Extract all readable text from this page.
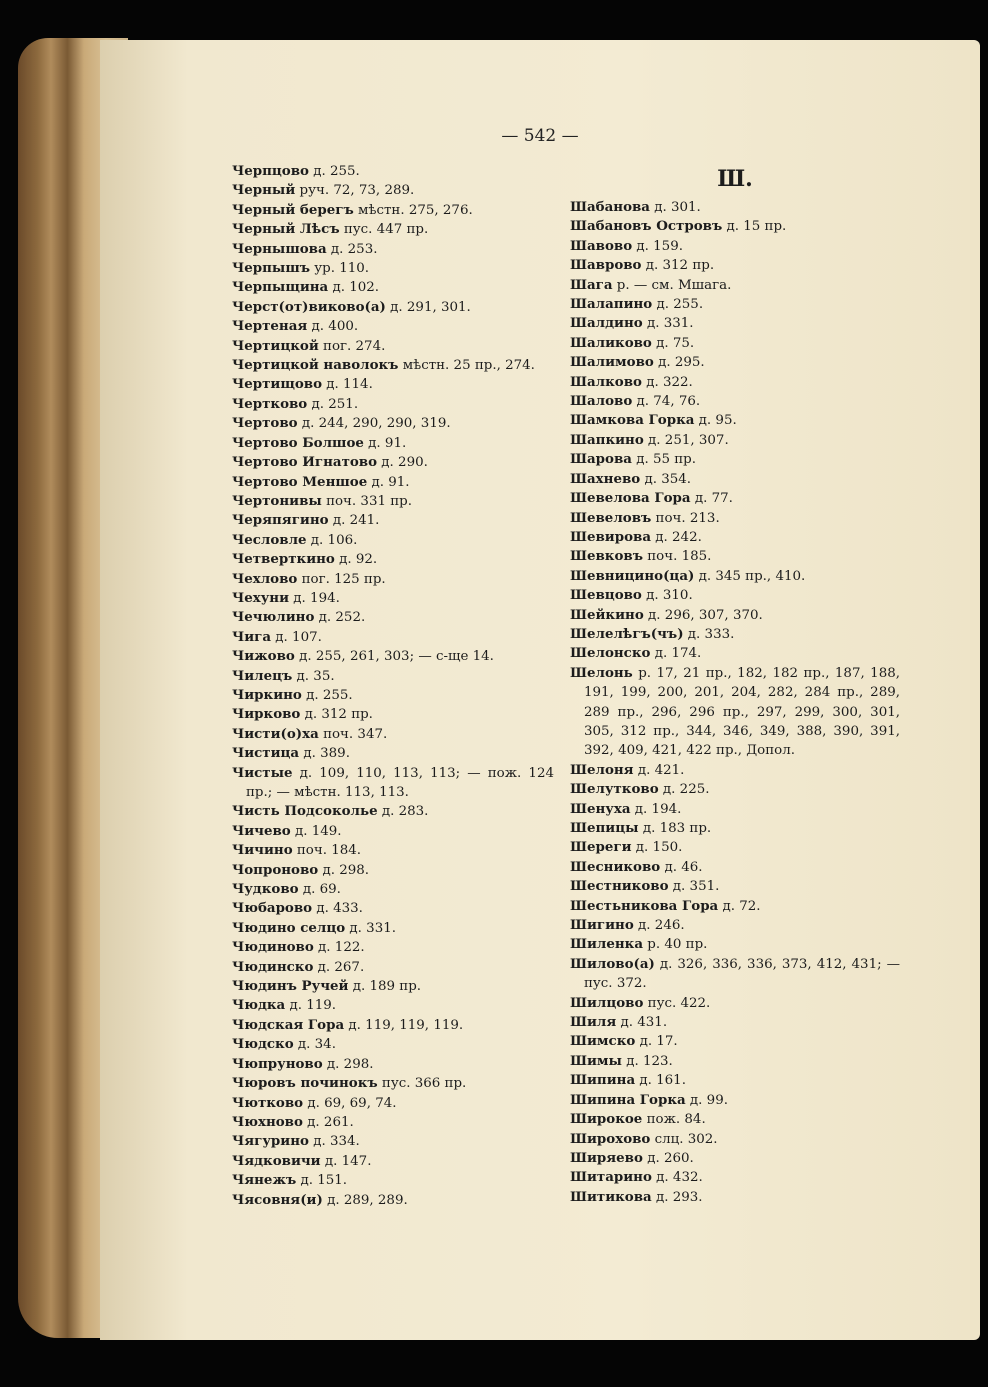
— 542 —

Черпцово д. 255.

Черный руч. 72, 73, 289.

Черный берегъ мѣстн. 275, 276.

Черный Лѣсъ пус. 447 пр.

Чернышова д. 253.

Черпышъ ур. 110.

Черпыщина д. 102.

Черст(от)виково(а) д. 291, 301.

Чертеная д. 400.

Чертицкой пог. 274.

Чертицкой наволокъ мѣстн. 25 пр., 274.

Чертищово д. 114.

Чертково д. 251.

Чертово д. 244, 290, 290, 319.

Чертово Болшое д. 91.

Чертово Игнатово д. 290.

Чертово Меншое д. 91.

Чертонивы поч. 331 пр.

Черяпягино д. 241.

Чесловле д. 106.

Четверткино д. 92.

Чехлово пог. 125 пр.

Чехуни д. 194.

Чечюлино д. 252.

Чига д. 107.

Чижово д. 255, 261, 303; — с-ще 14.

Чилецъ д. 35.

Чиркино д. 255.

Чирково д. 312 пр.

Чисти(о)ха поч. 347.

Чистица д. 389.

Чистые д. 109, 110, 113, 113; — пож. 124 пр.; — мѣстн. 113, 113.

Чисть Подсоколье д. 283.

Чичево д. 149.

Чичино поч. 184.

Чопроново д. 298.

Чудково д. 69.

Чюбарово д. 433.

Чюдино селцо д. 331.

Чюдиново д. 122.

Чюдинско д. 267.

Чюдинъ Ручей д. 189 пр.

Чюдка д. 119.

Чюдская Гора д. 119, 119, 119.

Чюдско д. 34.

Чюпруново д. 298.

Чюровъ починокъ пус. 366 пр.

Чютково д. 69, 69, 74.

Чюхново д. 261.

Чягурино д. 334.

Чядковичи д. 147.

Чянежъ д. 151.

Чясовня(и) д. 289, 289.

Ш.

Шабанова д. 301.

Шабановъ Островъ д. 15 пр.

Шавово д. 159.

Шаврово д. 312 пр.

Шага р. — см. Мшага.

Шалапино д. 255.

Шалдино д. 331.

Шаликово д. 75.

Шалимово д. 295.

Шалково д. 322.

Шалово д. 74, 76.

Шамкова Горка д. 95.

Шапкино д. 251, 307.

Шарова д. 55 пр.

Шахнево д. 354.

Шевелова Гора д. 77.

Шевеловъ поч. 213.

Шевирова д. 242.

Шевковъ поч. 185.

Шевницино(ца) д. 345 пр., 410.

Шевцово д. 310.

Шейкино д. 296, 307, 370.

Шелелѣгъ(чъ) д. 333.

Шелонско д. 174.

Шелонь р. 17, 21 пр., 182, 182 пр., 187, 188, 191, 199, 200, 201, 204, 282, 284 пр., 289, 289 пр., 296, 296 пр., 297, 299, 300, 301, 305, 312 пр., 344, 346, 349, 388, 390, 391, 392, 409, 421, 422 пр., Допол.

Шелоня д. 421.

Шелутково д. 225.

Шенуха д. 194.

Шепицы д. 183 пр.

Шереги д. 150.

Шесниково д. 46.

Шестниково д. 351.

Шестьникова Гора д. 72.

Шигино д. 246.

Шиленка р. 40 пр.

Шилово(а) д. 326, 336, 336, 373, 412, 431; — пус. 372.

Шилцово пус. 422.

Шиля д. 431.

Шимско д. 17.

Шимы д. 123.

Шипина д. 161.

Шипина Горка д. 99.

Широкое пож. 84.

Широхово слц. 302.

Ширяево д. 260.

Шитарино д. 432.

Шитикова д. 293.
